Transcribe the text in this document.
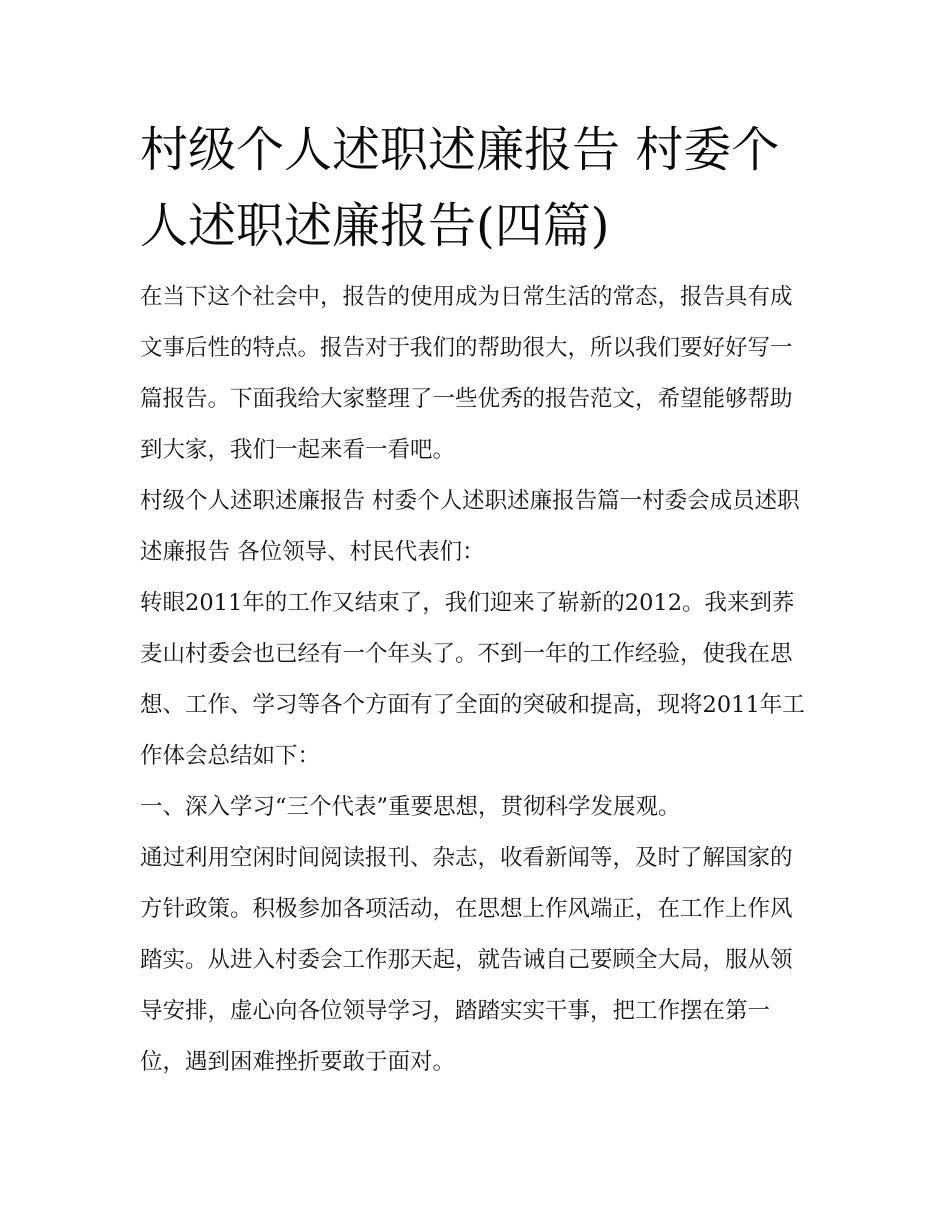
村级个人述职述廉报告 村委个人述职述廉报告(四篇)

在当下这个社会中，报告的使用成为日常生活的常态，报告具有成文事后性的特点。报告对于我们的帮助很大，所以我们要好好写一篇报告。下面我给大家整理了一些优秀的报告范文，希望能够帮助到大家，我们一起来看一看吧。

村级个人述职述廉报告 村委个人述职述廉报告篇一村委会成员述职述廉报告 各位领导、村民代表们：

转眼2011年的工作又结束了，我们迎来了崭新的2012。我来到荞麦山村委会也已经有一个年头了。不到一年的工作经验，使我在思想、工作、学习等各个方面有了全面的突破和提高，现将2011年工作体会总结如下：

一、深入学习“三个代表”重要思想，贯彻科学发展观。

通过利用空闲时间阅读报刊、杂志，收看新闻等，及时了解国家的方针政策。积极参加各项活动，在思想上作风端正，在工作上作风踏实。从进入村委会工作那天起，就告诫自己要顾全大局，服从领导安排，虚心向各位领导学习，踏踏实实干事，把工作摆在第一位，遇到困难挫折要敢于面对。
